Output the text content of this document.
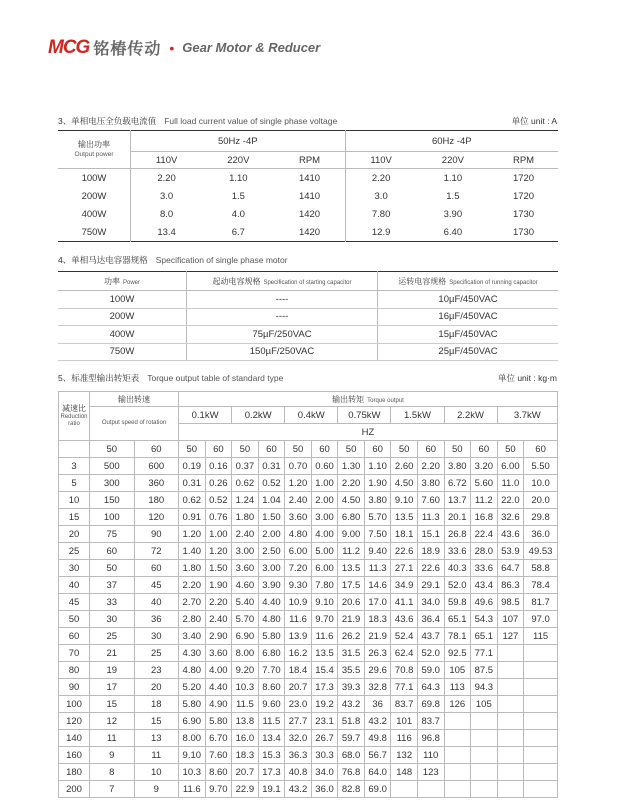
MCG 铭椿传动 • Gear Motor & Reducer
3、单相电压全负载电流值 Full load current value of single phase voltage	单位 unit : A
输出功率
Output power	50Hz -4P			60Hz -4P		
	110V	220V	RPM	110V	220V	RPM
100W	2.20	1.10	1410	2.20	1.10	1720
200W	3.0	1.5	1410	3.0	1.5	1720
400W	8.0	4.0	1420	7.80	3.90	1730
750W	13.4	6.7	1420	12.9	6.40	1730
4、单相马达电容器规格 Specification of single phase motor
功率 Power	起动电容规格 Specification of starting capacitor	运转电容规格 Specification of running capacitor
100W	----	10µF/450VAC
200W	----	16µF/450VAC
400W	75µF/250VAC	15µF/450VAC
750W	150µF/250VAC	25µF/450VAC
5、标准型输出转矩表 Torque output table of standard type	单位 unit : kg·m
减速比
Reduction ratio	输出转速		输出转矩 Torque output													

	Output speed of rotation		0.1kW		0.2kW		0.4kW		0.75kW		1.5kW		2.2kW		3.7kW	
			HZ													
	50	60	50	60	50	60	50	60	50	60	50	60	50	60	50	60
3	500	600	0.19	0.16	0.37	0.31	0.70	0.60	1.30	1.10	2.60	2.20	3.80	3.20	6.00	5.50
5	300	360	0.31	0.26	0.62	0.52	1.20	1.00	2.20	1.90	4.50	3.80	6.72	5.60	11.0	10.0
10	150	180	0.62	0.52	1.24	1.04	2.40	2.00	4.50	3.80	9.10	7.60	13.7	11.2	22.0	20.0
15	100	120	0.91	0.76	1.80	1.50	3.60	3.00	6.80	5.70	13.5	11.3	20.1	16.8	32.6	29.8
20	75	90	1.20	1.00	2.40	2.00	4.80	4.00	9.00	7.50	18.1	15.1	26.8	22.4	43.6	36.0
25	60	72	1.40	1.20	3.00	2.50	6.00	5.00	11.2	9.40	22.6	18.9	33.6	28.0	53.9	49.53
30	50	60	1.80	1.50	3.60	3.00	7.20	6.00	13.5	11.3	27.1	22.6	40.3	33.6	64.7	58.8
40	37	45	2.20	1.90	4.60	3.90	9.30	7.80	17.5	14.6	34.9	29.1	52.0	43.4	86.3	78.4
45	33	40	2.70	2.20	5.40	4.40	10.9	9.10	20.6	17.0	41.1	34.0	59.8	49.6	98.5	81.7
50	30	36	2.80	2.40	5.70	4.80	11.6	9.70	21.9	18.3	43.6	36.4	65.1	54.3	107	97.0
60	25	30	3.40	2.90	6.90	5.80	13.9	11.6	26.2	21.9	52.4	43.7	78.1	65.1	127	115
70	21	25	4.30	3.60	8.00	6.80	16.2	13.5	31.5	26.3	62.4	52.0	92.5	77.1		
80	19	23	4.80	4.00	9.20	7.70	18.4	15.4	35.5	29.6	70.8	59.0	105	87.5		
90	17	20	5.20	4.40	10.3	8.60	20.7	17.3	39.3	32.8	77.1	64.3	113	94.3		
100	15	18	5.80	4.90	11.5	9.60	23.0	19.2	43.2	36	83.7	69.8	126	105		
120	12	15	6.90	5.80	13.8	11.5	27.7	23.1	51.8	43.2	101	83.7				
140	11	13	8.00	6.70	16.0	13.4	32.0	26.7	59.7	49.8	116	96.8				
160	9	11	9.10	7.60	18.3	15.3	36.3	30.3	68.0	56.7	132	110				
180	8	10	10.3	8.60	20.7	17.3	40.8	34.0	76.8	64.0	148	123				
200	7	9	11.6	9.70	22.9	19.1	43.2	36.0	82.8	69.0						
